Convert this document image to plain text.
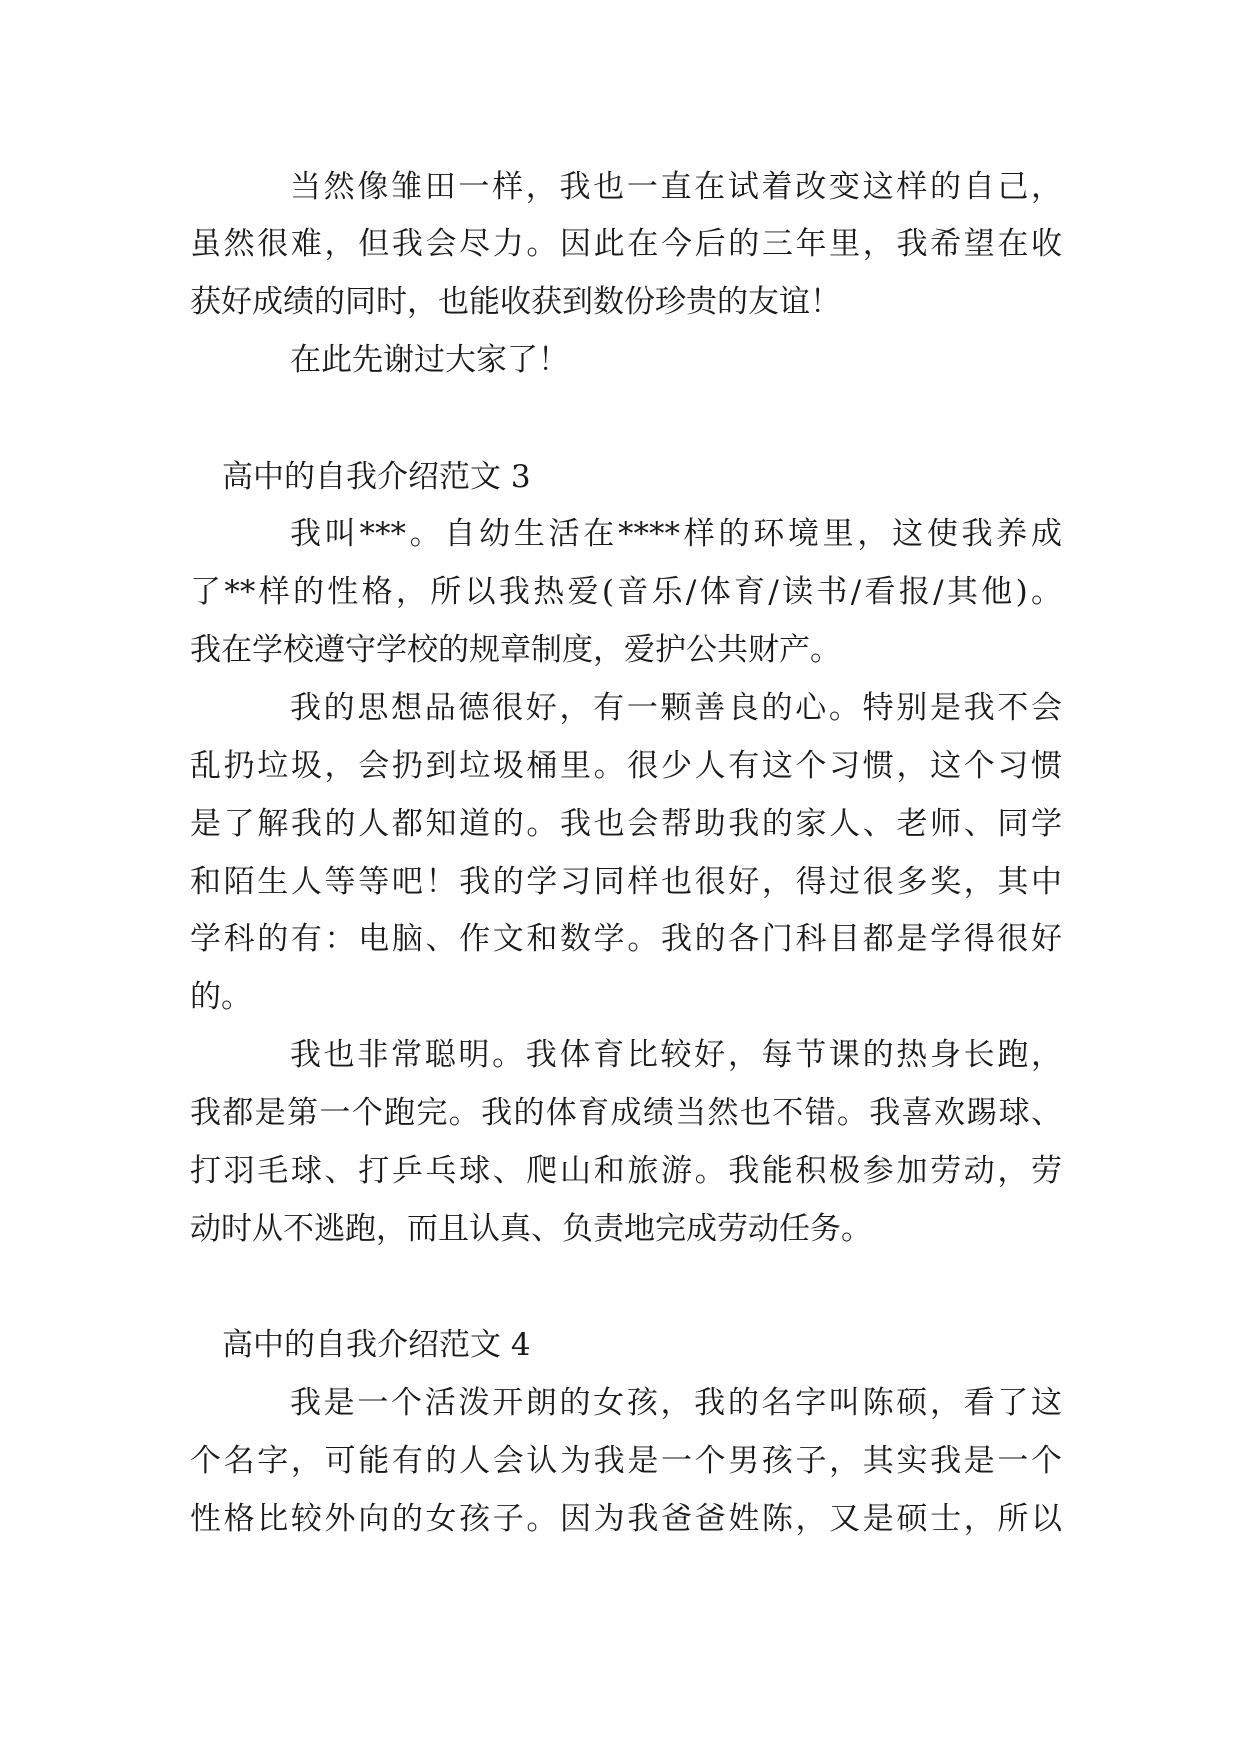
当然像雏田一样，我也一直在试着改变这样的自己，
虽然很难，但我会尽力。因此在今后的三年里，我希望在收
获好成绩的同时，也能收获到数份珍贵的友谊！
在此先谢过大家了！
高中的自我介绍范文 3
我叫***。自幼生活在****样的环境里，这使我养成
了**样的性格，所以我热爱(音乐/体育/读书/看报/其他)。
我在学校遵守学校的规章制度，爱护公共财产。
我的思想品德很好，有一颗善良的心。特别是我不会
乱扔垃圾，会扔到垃圾桶里。很少人有这个习惯，这个习惯
是了解我的人都知道的。我也会帮助我的家人、老师、同学
和陌生人等等吧！我的学习同样也很好，得过很多奖，其中
学科的有：电脑、作文和数学。我的各门科目都是学得很好
的。
我也非常聪明。我体育比较好，每节课的热身长跑，
我都是第一个跑完。我的体育成绩当然也不错。我喜欢踢球、
打羽毛球、打乒乓球、爬山和旅游。我能积极参加劳动，劳
动时从不逃跑，而且认真、负责地完成劳动任务。
高中的自我介绍范文 4
我是一个活泼开朗的女孩，我的名字叫陈硕，看了这
个名字，可能有的人会认为我是一个男孩子，其实我是一个
性格比较外向的女孩子。因为我爸爸姓陈，又是硕士，所以
